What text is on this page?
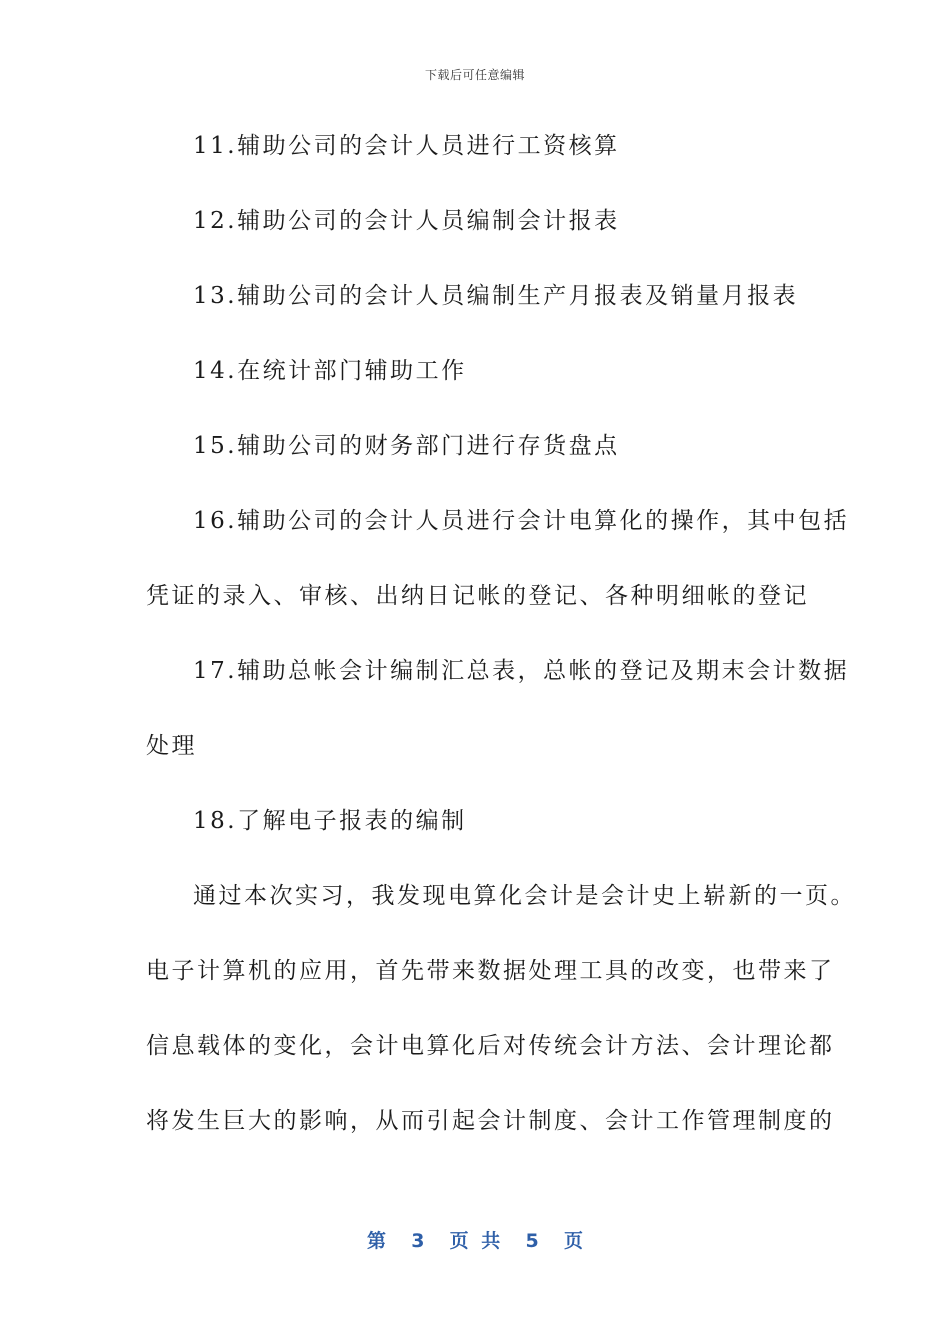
下载后可任意编辑
11.辅助公司的会计人员进行工资核算
12.辅助公司的会计人员编制会计报表
13.辅助公司的会计人员编制生产月报表及销量月报表
14.在统计部门辅助工作
15.辅助公司的财务部门进行存货盘点
16.辅助公司的会计人员进行会计电算化的操作，其中包括
凭证的录入、审核、出纳日记帐的登记、各种明细帐的登记
17.辅助总帐会计编制汇总表，总帐的登记及期末会计数据
处理
18.了解电子报表的编制
通过本次实习，我发现电算化会计是会计史上崭新的一页。
电子计算机的应用，首先带来数据处理工具的改变，也带来了
信息载体的变化，会计电算化后对传统会计方法、会计理论都
将发生巨大的影响，从而引起会计制度、会计工作管理制度的
第  3  页 共  5  页
